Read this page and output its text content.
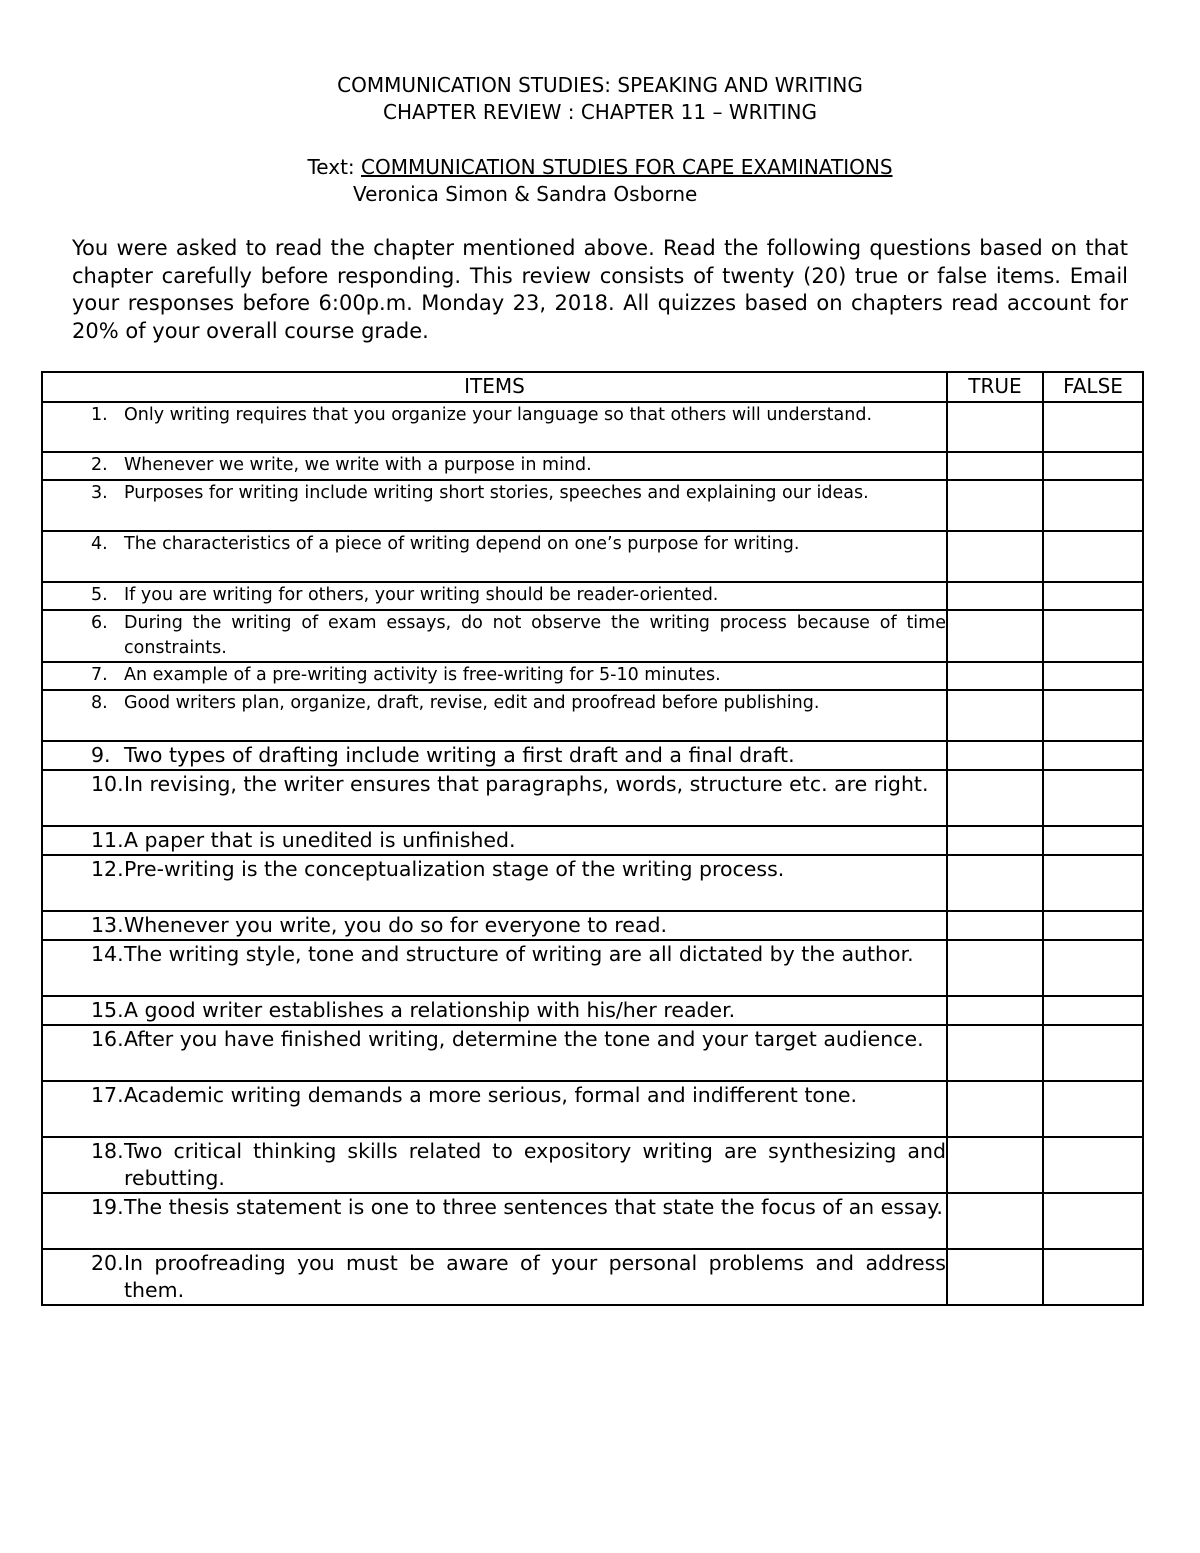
COMMUNICATION STUDIES: SPEAKING AND WRITING
CHAPTER REVIEW : CHAPTER 11 – WRITING
Text: COMMUNICATION STUDIES FOR CAPE EXAMINATIONS
Veronica Simon & Sandra Osborne

You were asked to read the chapter mentioned above. Read the following questions based on that chapter carefully before responding. This review consists of twenty (20) true or false items. Email your responses before 6:00p.m. Monday 23, 2018. All quizzes based on chapters read account for 20% of your overall course grade.

ITEMS	TRUE	FALSE

1. Only writing requires that you organize your language so that others will understand.		

2. Whenever we write, we write with a purpose in mind.		

3. Purposes for writing include writing short stories, speeches and explaining our ideas.		

4. The characteristics of a piece of writing depend on one’s purpose for writing.		

5. If you are writing for others, your writing should be reader-oriented.		

6. During the writing of exam essays, do not observe the writing process because of time constraints.		

7. An example of a pre-writing activity is free-writing for 5-10 minutes.		

8. Good writers plan, organize, draft, revise, edit and proofread before publishing.		

9. Two types of drafting include writing a first draft and a final draft.		

10. In revising, the writer ensures that paragraphs, words, structure etc. are right.		

11. A paper that is unedited is unfinished.		

12. Pre-writing is the conceptualization stage of the writing process.		

13. Whenever you write, you do so for everyone to read.		

14. The writing style, tone and structure of writing are all dictated by the author.		

15. A good writer establishes a relationship with his/her reader.		

16. After you have finished writing, determine the tone and your target audience.		

17. Academic writing demands a more serious, formal and indifferent tone.		

18. Two critical thinking skills related to expository writing are synthesizing and rebutting.		

19. The thesis statement is one to three sentences that state the focus of an essay.		

20. In proofreading you must be aware of your personal problems and address them.		
